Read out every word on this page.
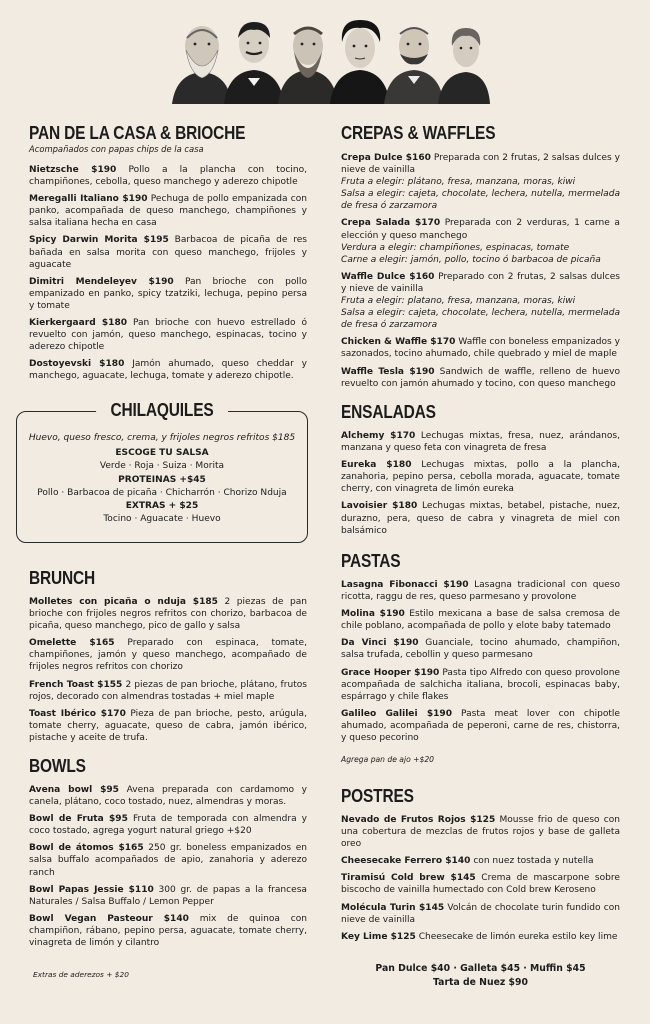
PAN DE LA CASA & BRIOCHE
Acompañados con papas chips de la casa
Nietzsche $190 Pollo a la plancha con tocino, champiñones, cebolla, queso manchego y aderezo chipotle
Meregalli Italiano $190 Pechuga de pollo empanizada con panko, acompañada de queso manchego, champiñones y salsa italiana hecha en casa
Spicy Darwin Morita $195 Barbacoa de picaña de res bañada en salsa morita con queso manchego, frijoles y aguacate
Dimitri Mendeleyev $190 Pan brioche con pollo empanizado en panko, spicy tzatziki, lechuga, pepino persa y tomate
Kierkergaard $180 Pan brioche con huevo estrellado ó revuelto con jamón, queso manchego, espinacas, tocino y aderezo chipotle
Dostoyevski $180 Jamón ahumado, queso cheddar y manchego, aguacate, lechuga, tomate y aderezo chipotle.
CHILAQUILES
Huevo, queso fresco, crema, y frijoles negros refritos $185
ESCOGE TU SALSA
Verde · Roja · Suiza · Morita
PROTEINAS +$45
Pollo · Barbacoa de picaña · Chicharrón · Chorizo Nduja
EXTRAS + $25
Tocino · Aguacate · Huevo
BRUNCH
Molletes con picaña o nduja $185 2 piezas de pan brioche con frijoles negros refritos con chorizo, barbacoa de picaña, queso manchego, pico de gallo y salsa
Omelette $165 Preparado con espinaca, tomate, champiñones, jamón y queso manchego, acompañado de frijoles negros refritos con chorizo
French Toast $155 2 piezas de pan brioche, plátano, frutos rojos, decorado con almendras tostadas + miel maple
Toast Ibérico $170 Pieza de pan brioche, pesto, arúgula, tomate cherry, aguacate, queso de cabra, jamón ibérico, pistache y aceite de trufa.
BOWLS
Avena bowl $95 Avena preparada con cardamomo y canela, plátano, coco tostado, nuez, almendras y moras.
Bowl de Fruta $95 Fruta de temporada con almendra y coco tostado, agrega yogurt natural griego +$20
Bowl de átomos $165 250 gr. boneless empanizados en salsa buffalo acompañados de apio, zanahoria y aderezo ranch
Bowl Papas Jessie $110 300 gr. de papas a la francesa Naturales / Salsa Buffalo / Lemon Pepper
Bowl Vegan Pasteour $140 mix de quinoa con champiñon, rábano, pepino persa, aguacate, tomate cherry, vinagreta de limón y cilantro
Extras de aderezos + $20
CREPAS & WAFFLES
Crepa Dulce $160 Preparada con 2 frutas, 2 salsas dulces y nieve de vainilla
Fruta a elegir: plátano, fresa, manzana, moras, kiwi
Salsa a elegir: cajeta, chocolate, lechera, nutella, mermelada de fresa ó zarzamora
Crepa Salada $170 Preparada con 2 verduras, 1 carne a elección y queso manchego
Verdura a elegir: champiñones, espinacas, tomate
Carne a elegir: jamón, pollo, tocino ó barbacoa de picaña
Waffle Dulce $160 Preparado con 2 frutas, 2 salsas dulces y nieve de vainilla
Fruta a elegir: platano, fresa, manzana, moras, kiwi
Salsa a elegir: cajeta, chocolate, lechera, nutella, mermelada de fresa ó zarzamora
Chicken & Waffle $170 Waffle con boneless empanizados y sazonados, tocino ahumado, chile quebrado y miel de maple
Waffle Tesla $190 Sandwich de waffle, relleno de huevo revuelto con jamón ahumado y tocino, con queso manchego
ENSALADAS
Alchemy $170 Lechugas mixtas, fresa, nuez, arándanos, manzana y queso feta con vinagreta de fresa
Eureka $180 Lechugas mixtas, pollo a la plancha, zanahoria, pepino persa, cebolla morada, aguacate, tomate cherry, con vinagreta de limón eureka
Lavoisier $180 Lechugas mixtas, betabel, pistache, nuez, durazno, pera, queso de cabra y vinagreta de miel con balsámico
PASTAS
Lasagna Fibonacci $190 Lasagna tradicional con queso ricotta, raggu de res, queso parmesano y provolone
Molina $190 Estilo mexicana a base de salsa cremosa de chile poblano, acompañada de pollo y elote baby tatemado
Da Vinci $190 Guanciale, tocino ahumado, champiñon, salsa trufada, cebollin y queso parmesano
Grace Hooper $190 Pasta tipo Alfredo con queso provolone acompañada de salchicha italiana, brocoli, espinacas baby, espárrago y chile flakes
Galileo Galilei $190 Pasta meat lover con chipotle ahumado, acompañada de peperoni, carne de res, chistorra, y queso pecorino
Agrega pan de ajo +$20
POSTRES
Nevado de Frutos Rojos $125 Mousse frio de queso con una cobertura de mezclas de frutos rojos y base de galleta oreo
Cheesecake Ferrero $140 con nuez tostada y nutella
Tiramisú Cold brew $145 Crema de mascarpone sobre biscocho de vainilla humectado con Cold brew Keroseno
Molécula Turin $145 Volcán de chocolate turin fundido con nieve de vainilla
Key Lime $125 Cheesecake de limón eureka estilo key lime
Pan Dulce $40 · Galleta $45 · Muffin $45
Tarta de Nuez $90
